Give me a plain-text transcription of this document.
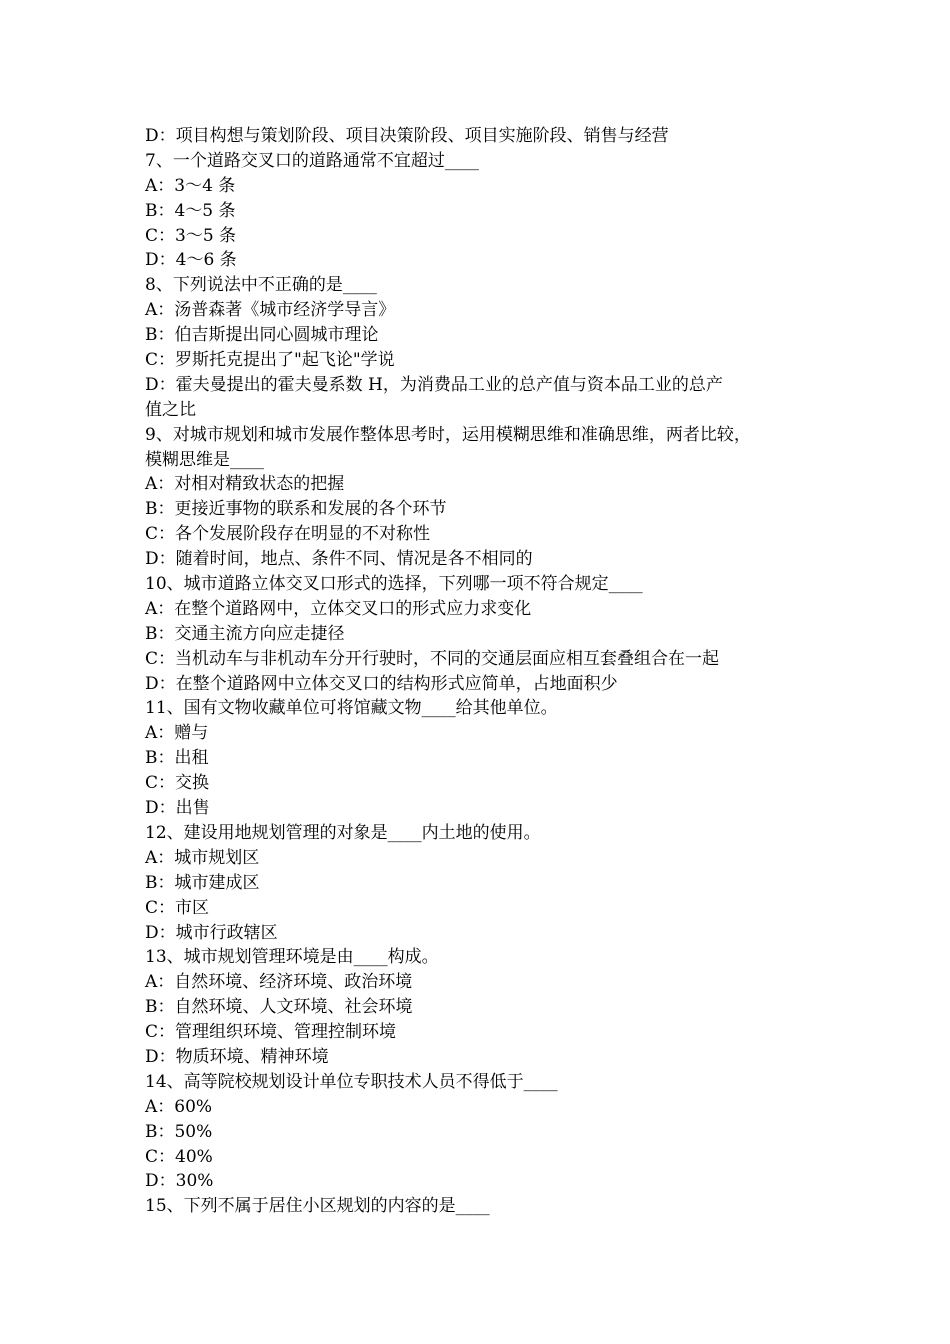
D：项目构想与策划阶段、项目决策阶段、项目实施阶段、销售与经营
7、一个道路交叉口的道路通常不宜超过____
A：3～4 条
B：4～5 条
C：3～5 条
D：4～6 条
8、下列说法中不正确的是____
A：汤普森著《城市经济学导言》
B：伯吉斯提出同心圆城市理论
C：罗斯托克提出了"起飞论"学说
D：霍夫曼提出的霍夫曼系数 H，为消费品工业的总产值与资本品工业的总产
值之比
9、对城市规划和城市发展作整体思考时，运用模糊思维和准确思维，两者比较，
模糊思维是____
A：对相对精致状态的把握
B：更接近事物的联系和发展的各个环节
C：各个发展阶段存在明显的不对称性
D：随着时间，地点、条件不同、情况是各不相同的
10、城市道路立体交叉口形式的选择，下列哪一项不符合规定____
A：在整个道路网中，立体交叉口的形式应力求变化
B：交通主流方向应走捷径
C：当机动车与非机动车分开行驶时，不同的交通层面应相互套叠组合在一起
D：在整个道路网中立体交叉口的结构形式应简单，占地面积少
11、国有文物收藏单位可将馆藏文物____给其他单位。
A：赠与
B：出租
C：交换
D：出售
12、建设用地规划管理的对象是____内土地的使用。
A：城市规划区
B：城市建成区
C：市区
D：城市行政辖区
13、城市规划管理环境是由____构成。
A：自然环境、经济环境、政治环境
B：自然环境、人文环境、社会环境
C：管理组织环境、管理控制环境
D：物质环境、精神环境
14、高等院校规划设计单位专职技术人员不得低于____
A：60%
B：50%
C：40%
D：30%
15、下列不属于居住小区规划的内容的是____
